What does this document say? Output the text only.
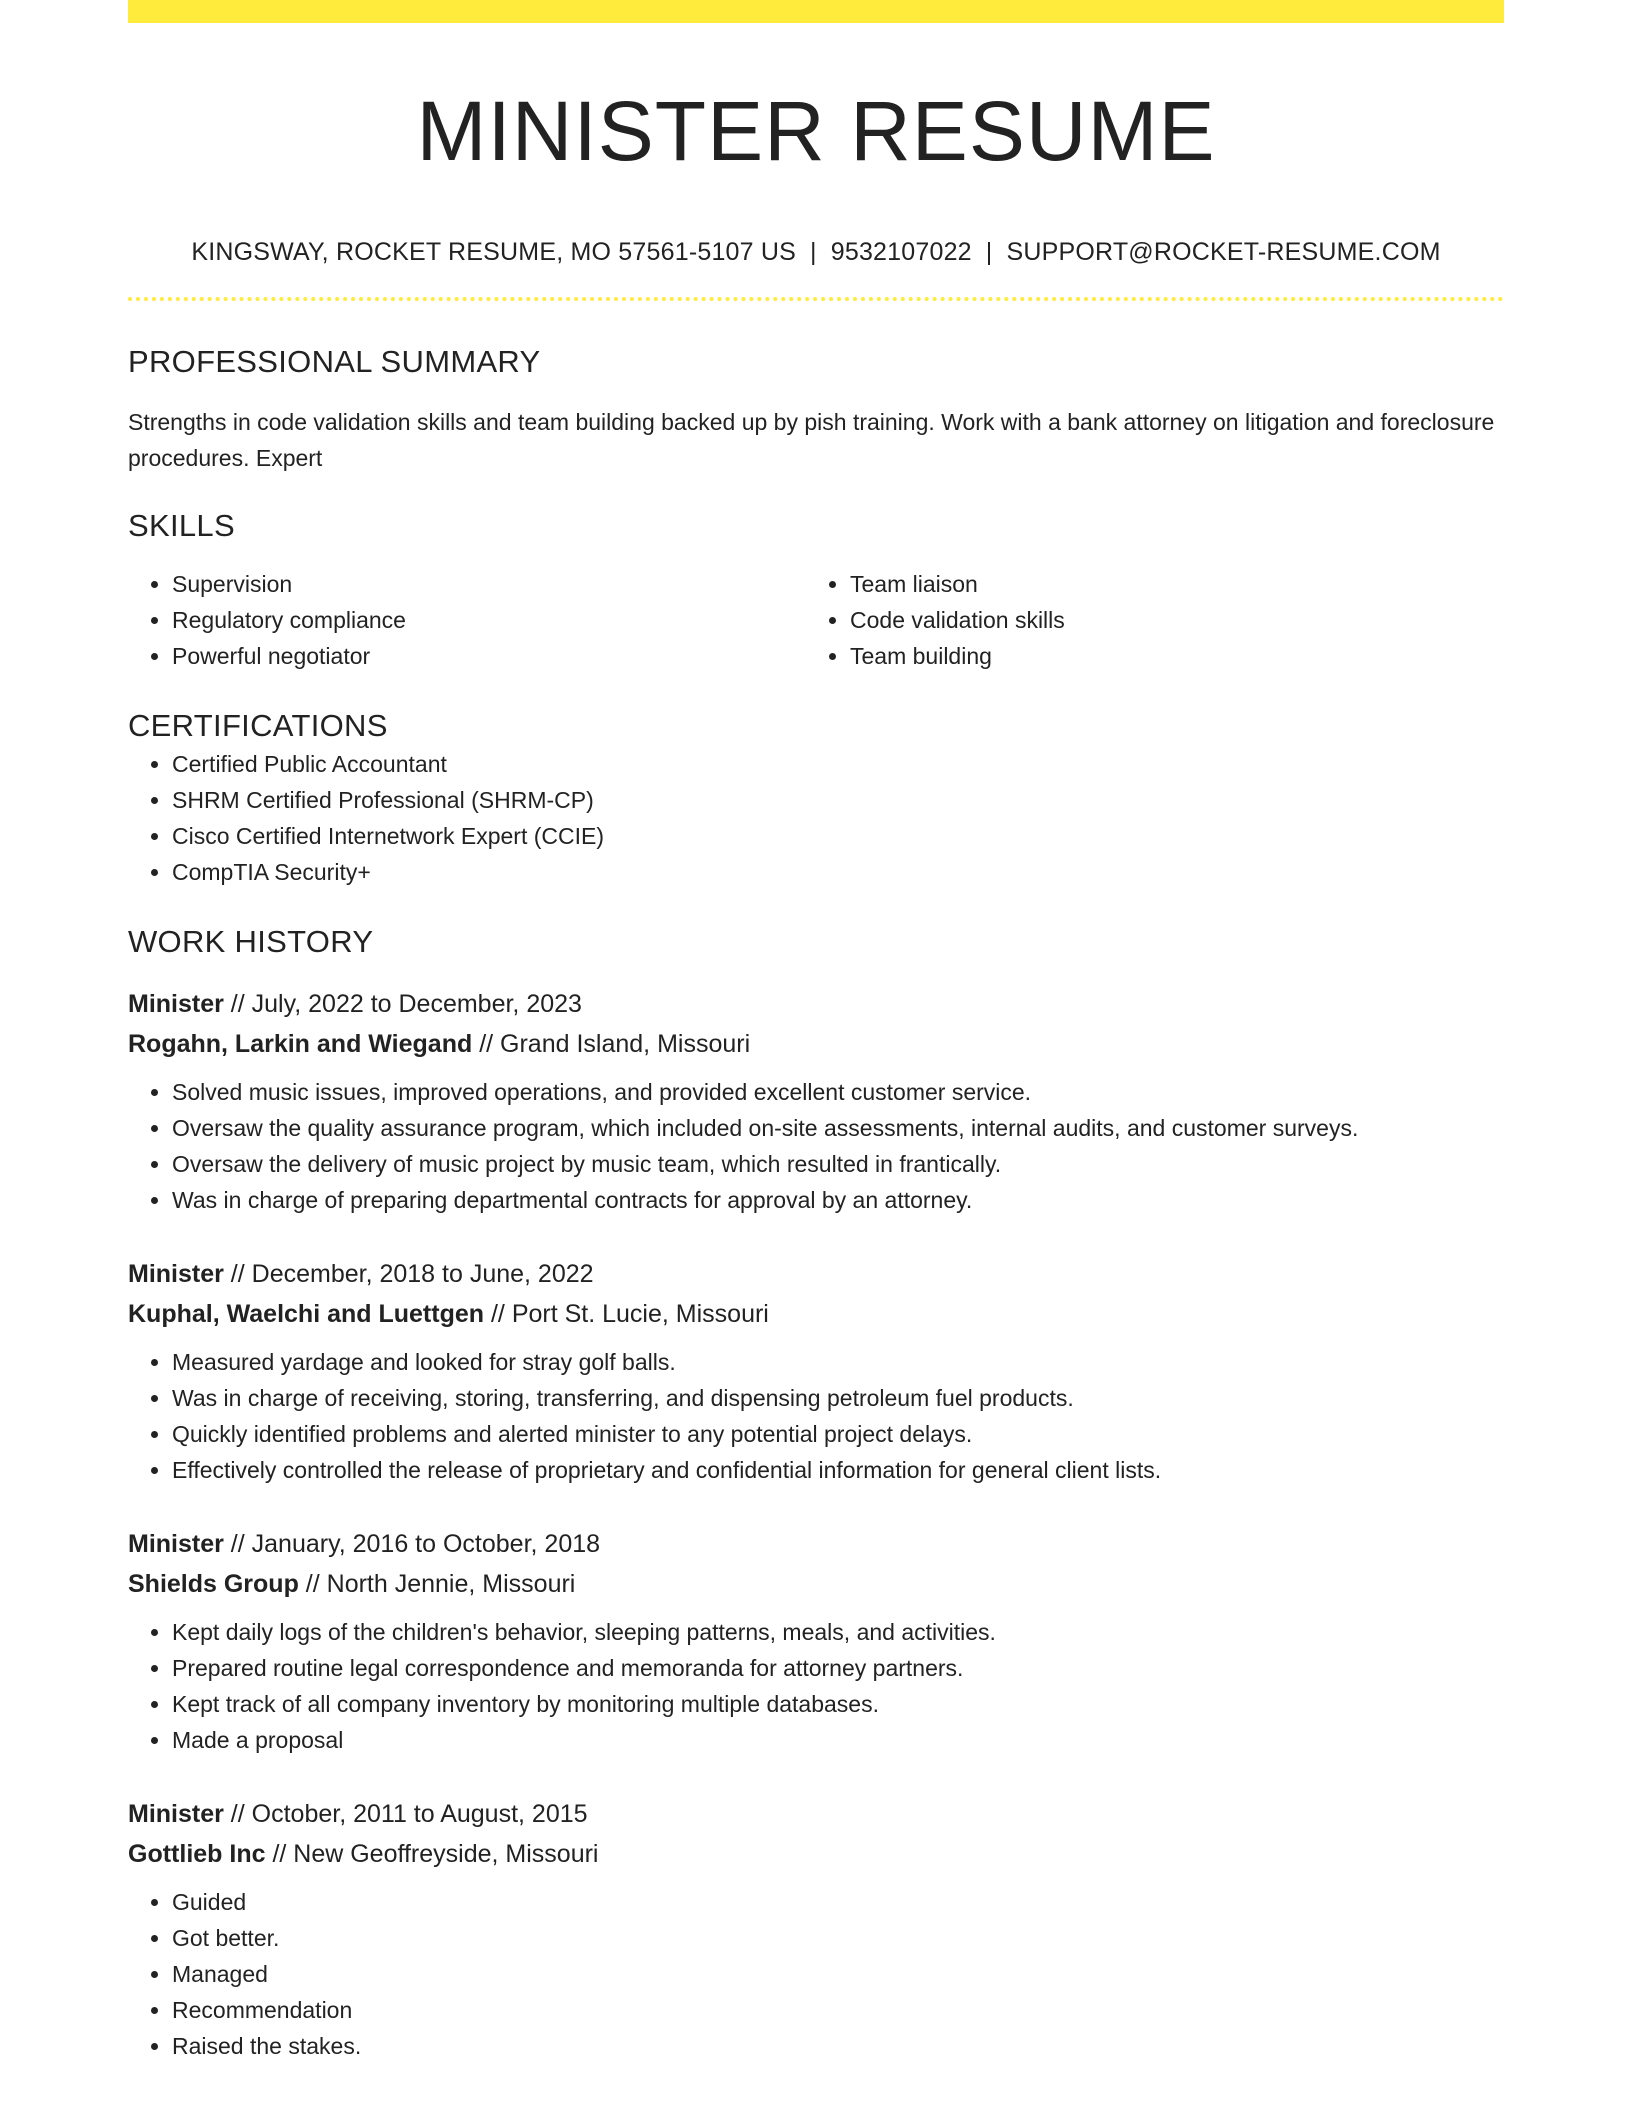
MINISTER RESUME
KINGSWAY, ROCKET RESUME, MO 57561-5107 US | 9532107022 | SUPPORT@ROCKET-RESUME.COM
PROFESSIONAL SUMMARY

Strengths in code validation skills and team building backed up by pish training. Work with a bank attorney on litigation and foreclosure procedures. Expert

SKILLS
• Supervision
• Regulatory compliance
• Powerful negotiator
• Team liaison
• Code validation skills
• Team building
CERTIFICATIONS
• Certified Public Accountant
• SHRM Certified Professional (SHRM-CP)
• Cisco Certified Internetwork Expert (CCIE)
• CompTIA Security+
WORK HISTORY
Minister // July, 2022 to December, 2023
Rogahn, Larkin and Wiegand // Grand Island, Missouri
• Solved music issues, improved operations, and provided excellent customer service.
• Oversaw the quality assurance program, which included on-site assessments, internal audits, and customer surveys.
• Oversaw the delivery of music project by music team, which resulted in frantically.
• Was in charge of preparing departmental contracts for approval by an attorney.
Minister // December, 2018 to June, 2022
Kuphal, Waelchi and Luettgen // Port St. Lucie, Missouri
• Measured yardage and looked for stray golf balls.
• Was in charge of receiving, storing, transferring, and dispensing petroleum fuel products.
• Quickly identified problems and alerted minister to any potential project delays.
• Effectively controlled the release of proprietary and confidential information for general client lists.
Minister // January, 2016 to October, 2018
Shields Group // North Jennie, Missouri
• Kept daily logs of the children's behavior, sleeping patterns, meals, and activities.
• Prepared routine legal correspondence and memoranda for attorney partners.
• Kept track of all company inventory by monitoring multiple databases.
• Made a proposal
Minister // October, 2011 to August, 2015
Gottlieb Inc // New Geoffreyside, Missouri
• Guided
• Got better.
• Managed
• Recommendation
• Raised the stakes.
